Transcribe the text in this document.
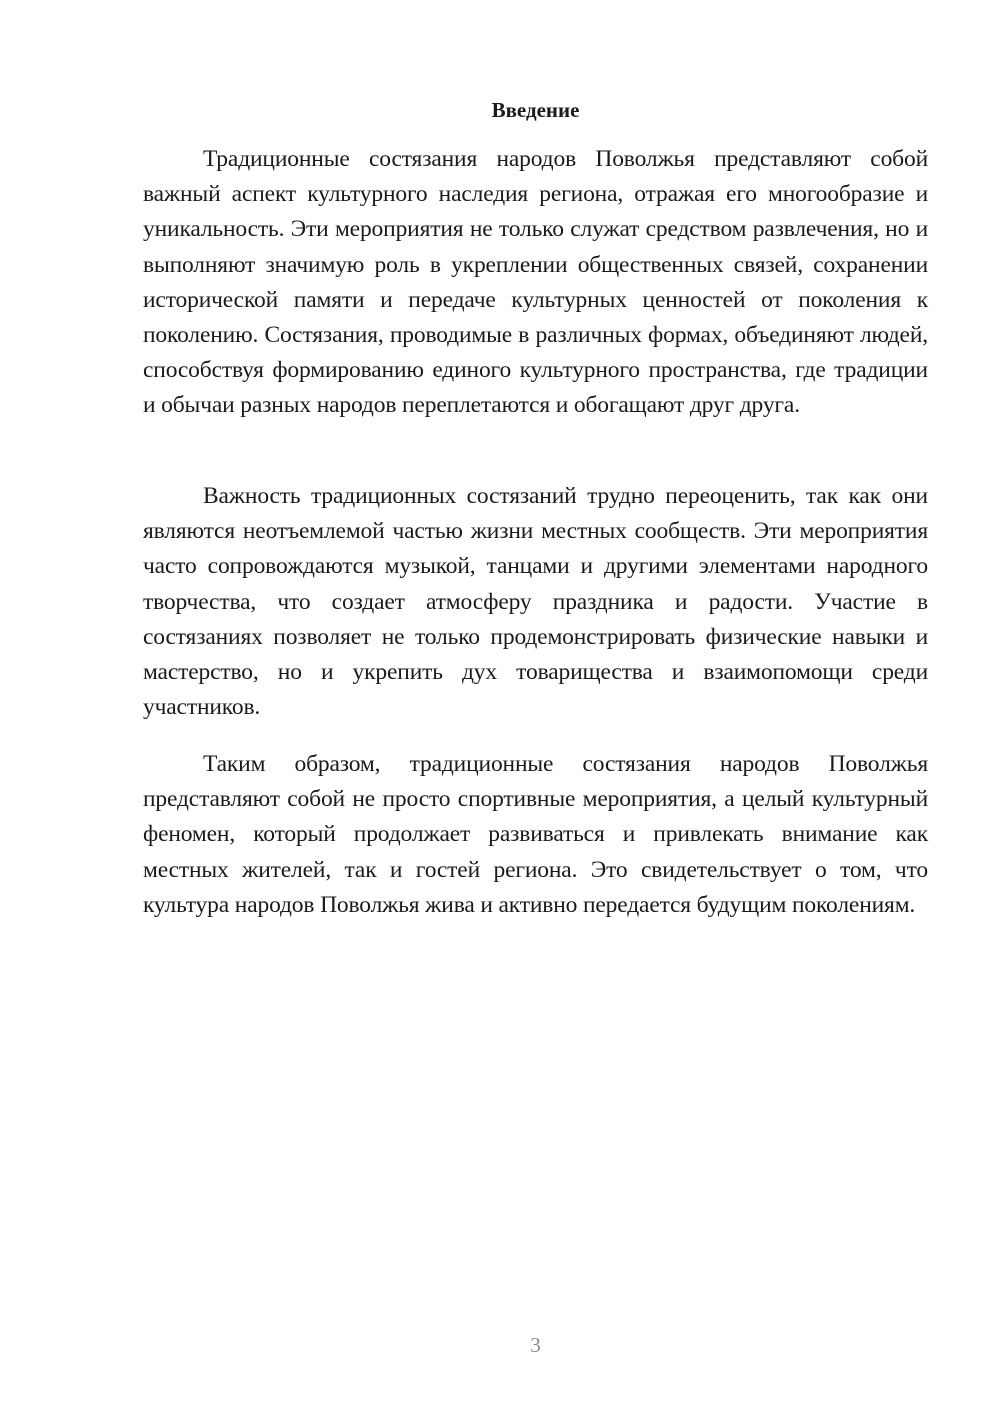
Введение

Традиционные состязания народов Поволжья представляют собой важный аспект культурного наследия региона, отражая его многообразие и уникальность. Эти мероприятия не только служат средством развлечения, но и выполняют значимую роль в укреплении общественных связей, сохранении исторической памяти и передаче культурных ценностей от поколения к поколению. Состязания, проводимые в различных формах, объединяют людей, способствуя формированию единого культурного пространства, где традиции и обычаи разных народов переплетаются и обогащают друг друга.

Важность традиционных состязаний трудно переоценить, так как они являются неотъемлемой частью жизни местных сообществ. Эти мероприятия часто сопровождаются музыкой, танцами и другими элементами народного творчества, что создает атмосферу праздника и радости. Участие в состязаниях позволяет не только продемонстрировать физические навыки и мастерство, но и укрепить дух товарищества и взаимопомощи среди участников.

Таким образом, традиционные состязания народов Поволжья представляют собой не просто спортивные мероприятия, а целый культурный феномен, который продолжает развиваться и привлекать внимание как местных жителей, так и гостей региона. Это свидетельствует о том, что культура народов Поволжья жива и активно передается будущим поколениям.

3
